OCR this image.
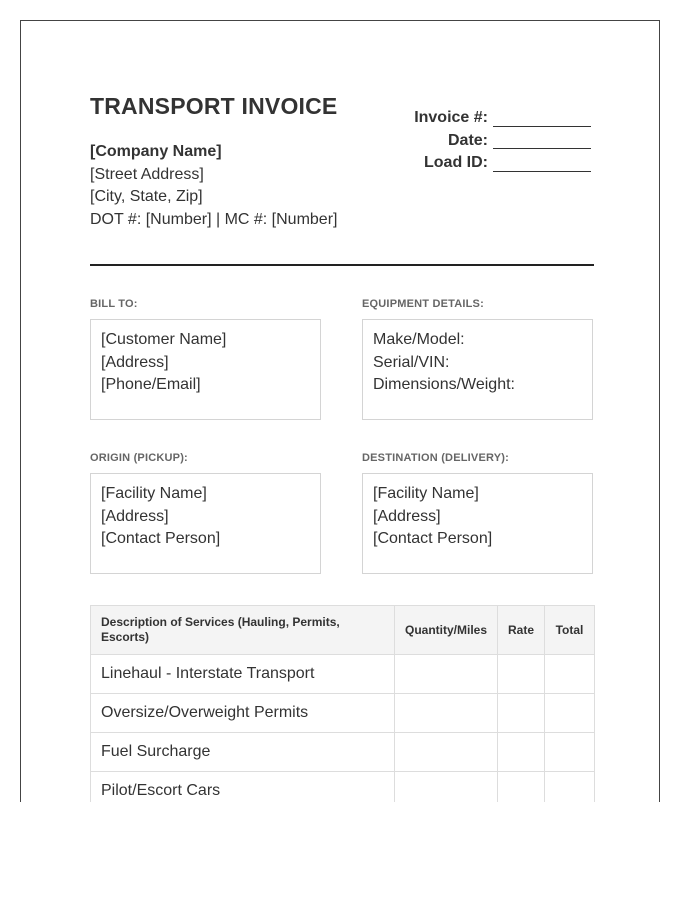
TRANSPORT INVOICE
[Company Name]
[Street Address]
[City, State, Zip]
DOT #: [Number] | MC #: [Number]
Invoice #:
Date:
Load ID:
BILL TO:
[Customer Name]
[Address]
[Phone/Email]
EQUIPMENT DETAILS:
Make/Model:
Serial/VIN:
Dimensions/Weight:
ORIGIN (PICKUP):
[Facility Name]
[Address]
[Contact Person]
DESTINATION (DELIVERY):
[Facility Name]
[Address]
[Contact Person]
Description of Services (Hauling, Permits, Escorts)	Quantity/Miles	Rate	Total
Linehaul - Interstate Transport			
Oversize/Overweight Permits			
Fuel Surcharge			
Pilot/Escort Cars			
